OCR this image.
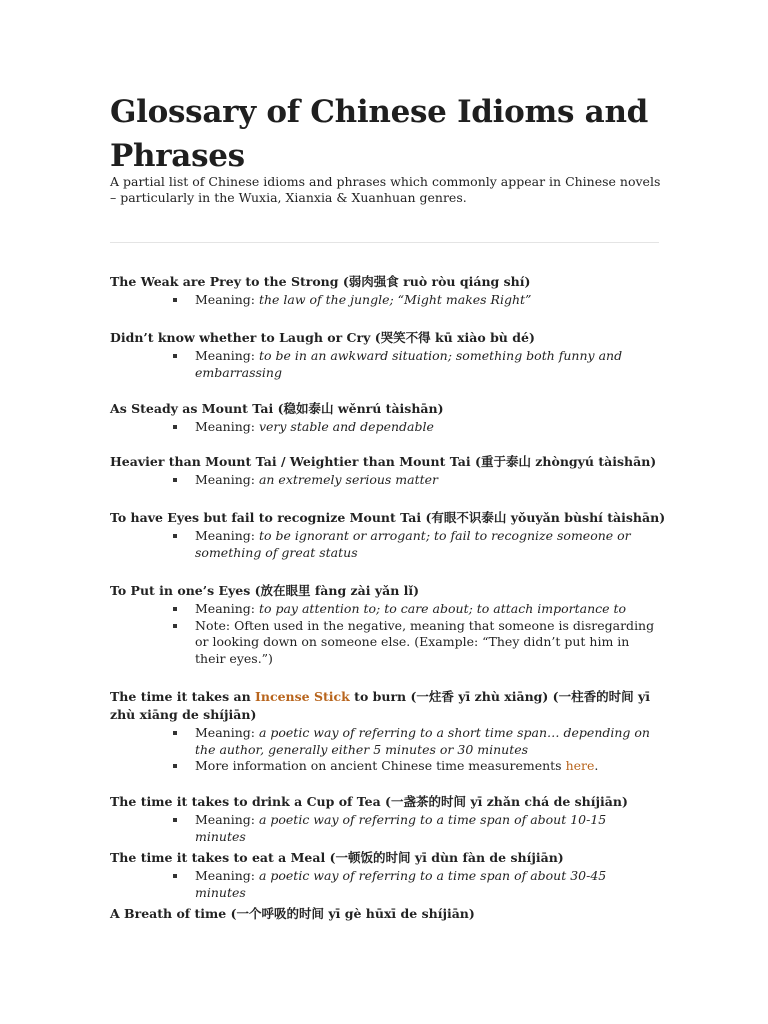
Glossary of Chinese Idioms and Phrases

A partial list of Chinese idioms and phrases which commonly appear in Chinese novels – particularly in the Wuxia, Xianxia & Xuanhuan genres.

The Weak are Prey to the Strong (弱肉强食 ruò ròu qiáng shí)

Meaning: the law of the jungle; “Might makes Right”

Didn’t know whether to Laugh or Cry (哭笑不得 kū xiào bù dé)

Meaning: to be in an awkward situation; something both funny and embarrassing

As Steady as Mount Tai (稳如泰山 wěnrú tàishān)

Meaning: very stable and dependable

Heavier than Mount Tai / Weightier than Mount Tai (重于泰山 zhòngyú tàishān)

Meaning: an extremely serious matter

To have Eyes but fail to recognize Mount Tai (有眼不识泰山 yǒuyǎn bùshí tàishān)

Meaning: to be ignorant or arrogant; to fail to recognize someone or something of great status

To Put in one’s Eyes (放在眼里 fàng zài yǎn lǐ)

Meaning: to pay attention to; to care about; to attach importance to
Note: Often used in the negative, meaning that someone is disregarding or looking down on someone else. (Example: “They didn’t put him in their eyes.”)

The time it takes an Incense Stick to burn (一炷香 yī zhù xiāng) (一柱香的时间 yī zhù xiāng de shíjiān)

Meaning: a poetic way of referring to a short time span… depending on the author, generally either 5 minutes or 30 minutes
More information on ancient Chinese time measurements here.

The time it takes to drink a Cup of Tea (一盏茶的时间 yī zhǎn chá de shíjiān)

Meaning: a poetic way of referring to a time span of about 10-15 minutes

The time it takes to eat a Meal (一顿饭的时间 yī dùn fàn de shíjiān)

Meaning: a poetic way of referring to a time span of about 30-45 minutes

A Breath of time (一个呼吸的时间 yī gè hūxī de shíjiān)
